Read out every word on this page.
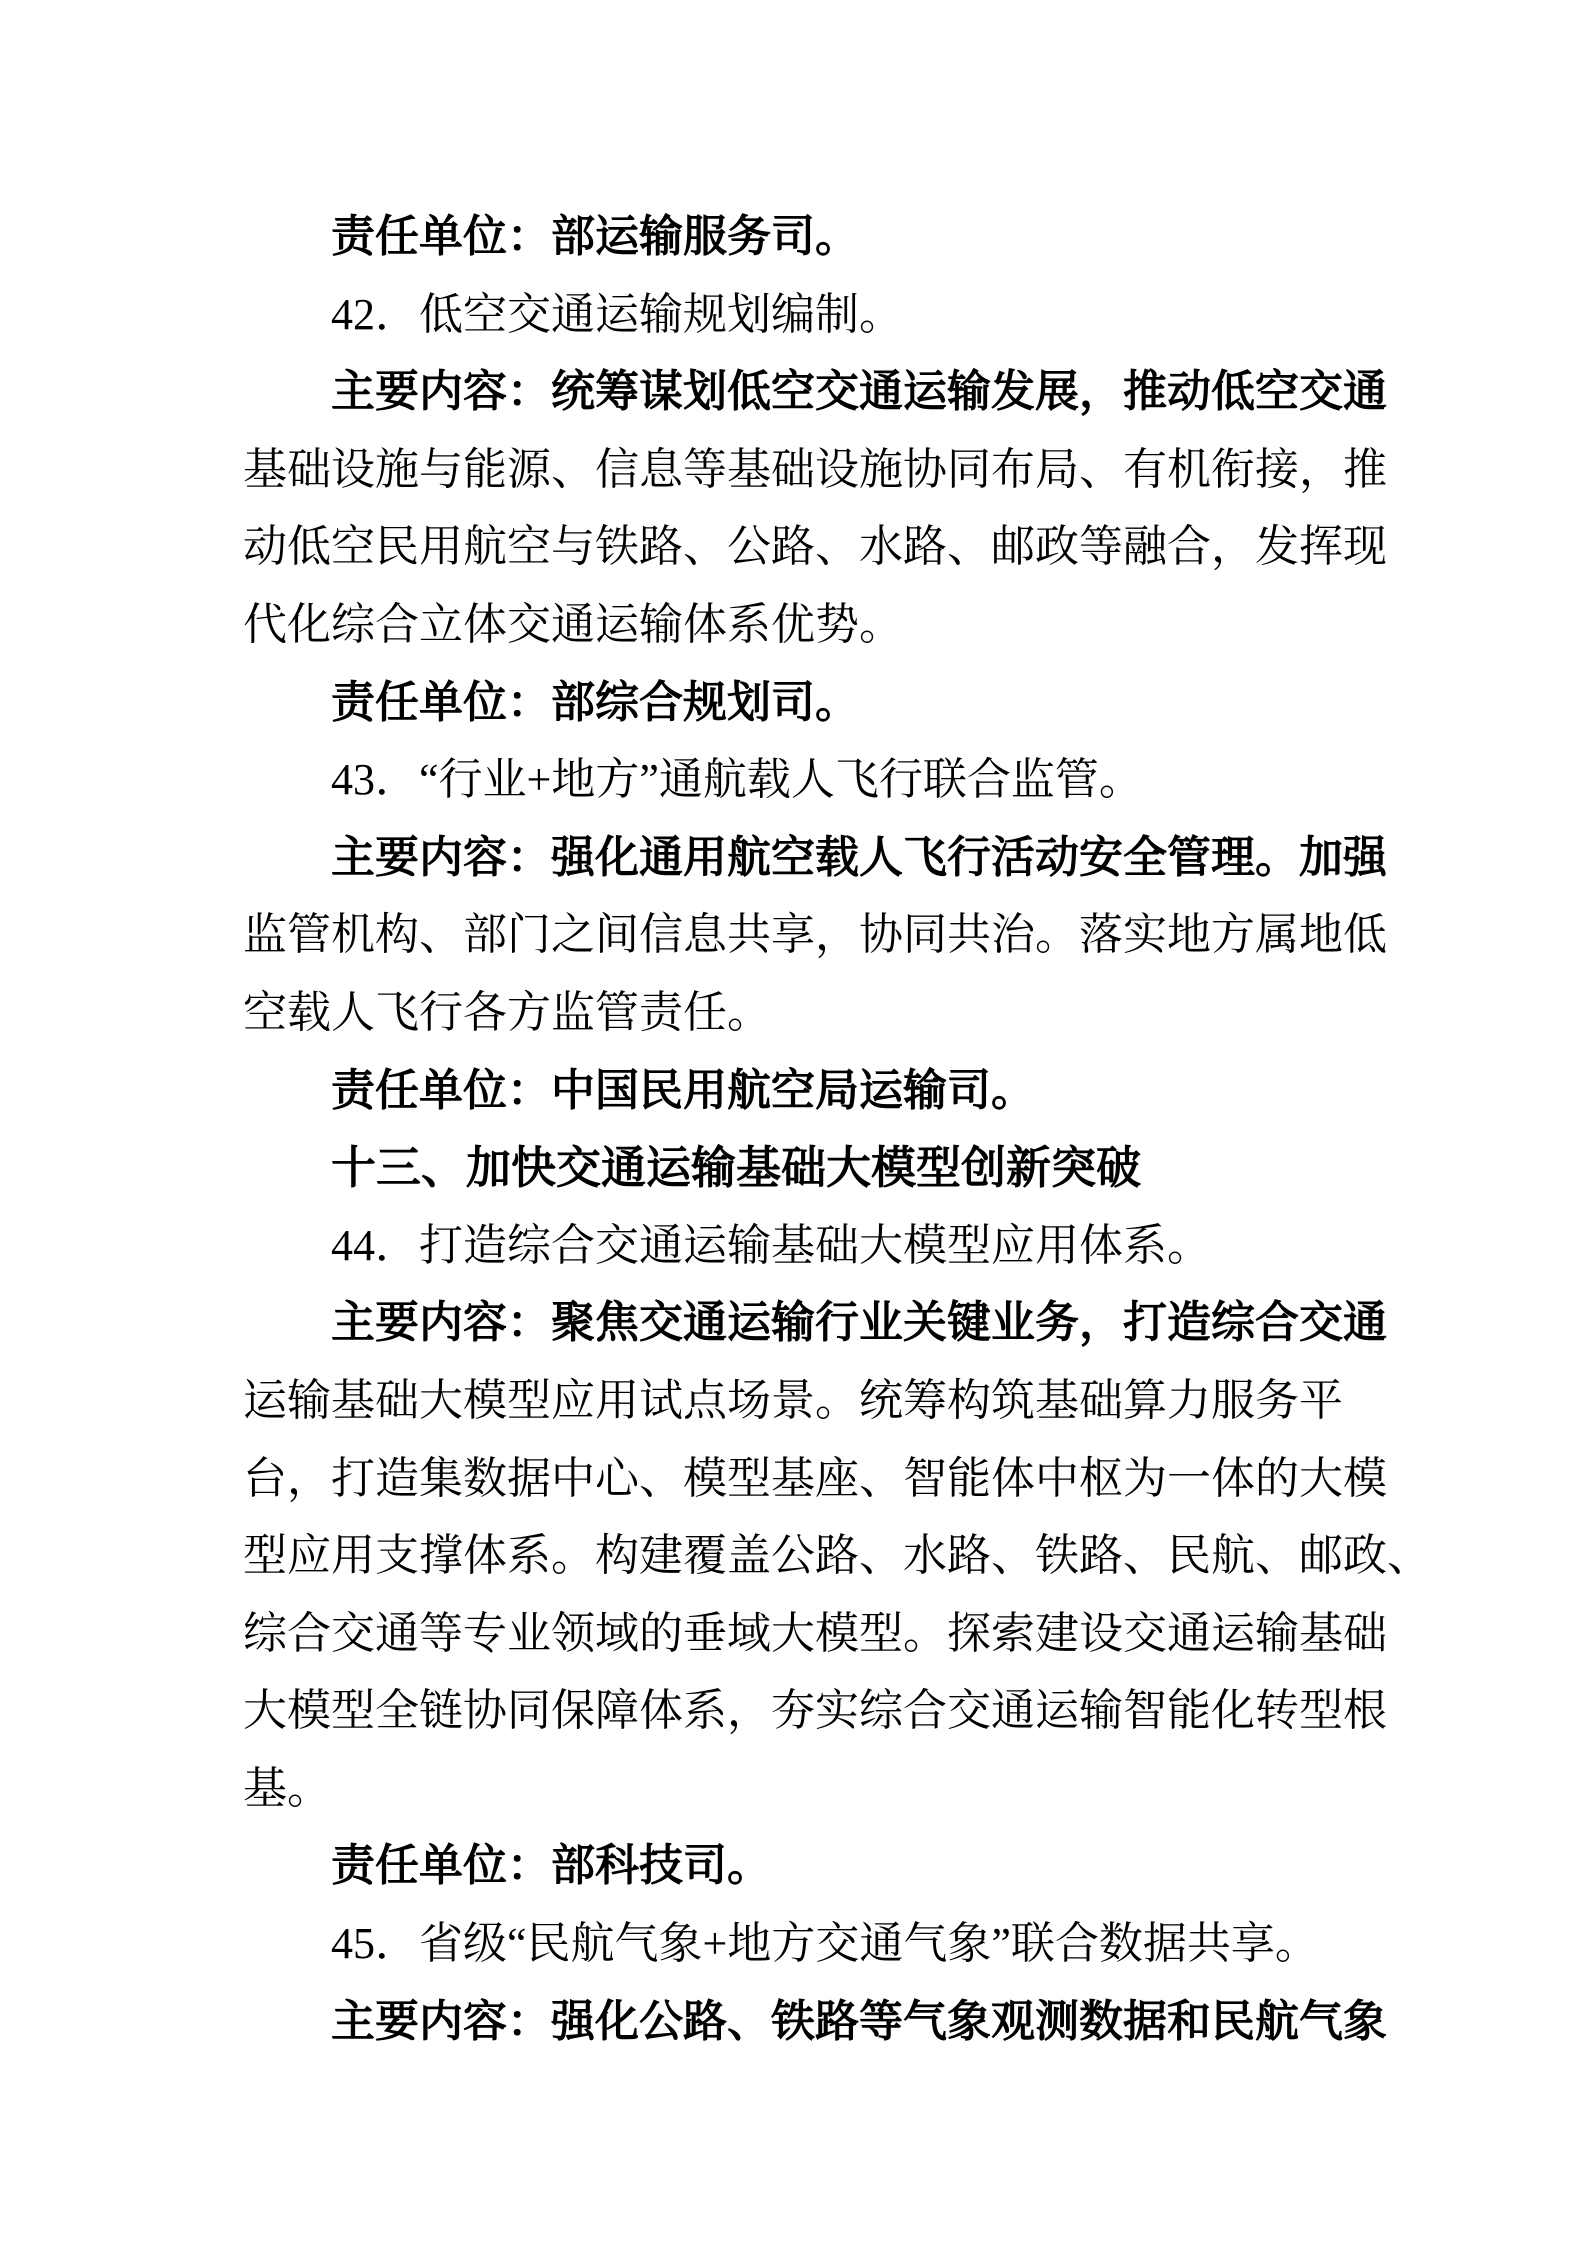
责任单位：部运输服务司。
42．低空交通运输规划编制。
主要内容：统筹谋划低空交通运输发展，推动低空交通
基础设施与能源、信息等基础设施协同布局、有机衔接，推
动低空民用航空与铁路、公路、水路、邮政等融合，发挥现
代化综合立体交通运输体系优势。
责任单位：部综合规划司。
43．“行业+地方”通航载人飞行联合监管。
主要内容：强化通用航空载人飞行活动安全管理。加强
监管机构、部门之间信息共享，协同共治。落实地方属地低
空载人飞行各方监管责任。
责任单位：中国民用航空局运输司。
十三、加快交通运输基础大模型创新突破
44．打造综合交通运输基础大模型应用体系。
主要内容：聚焦交通运输行业关键业务，打造综合交通
运输基础大模型应用试点场景。统筹构筑基础算力服务平
台，打造集数据中心、模型基座、智能体中枢为一体的大模
型应用支撑体系。构建覆盖公路、水路、铁路、民航、邮政、
综合交通等专业领域的垂域大模型。探索建设交通运输基础
大模型全链协同保障体系，夯实综合交通运输智能化转型根
基。
责任单位：部科技司。
45．省级“民航气象+地方交通气象”联合数据共享。
主要内容：强化公路、铁路等气象观测数据和民航气象
